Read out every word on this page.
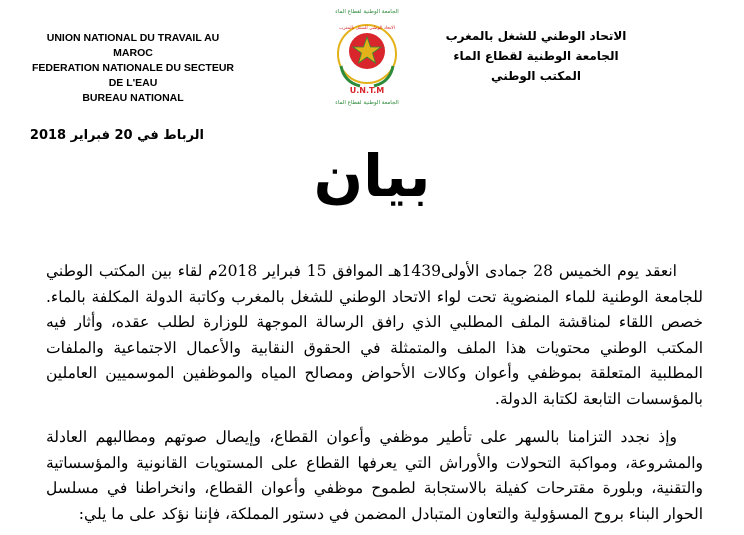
UNION NATIONAL DU TRAVAIL AU MAROC
FEDERATION NATIONALE DU SECTEUR DE L'EAU
BUREAU NATIONAL
الجامعة الوطنية لقطاع الماء
الاتحاد الوطني للشغل بالمغرب
U.N.T.M
الجامعة الوطنية لقطاع الماء
الاتحاد الوطني للشغل بالمغرب
الجامعة الوطنية لقطاع الماء
المكتب الوطني
الرباط في 20 فبراير 2018
بيان

انعقد يوم الخميس 28 جمادى الأولى1439هـ الموافق 15 فبراير 2018م لقاء بين المكتب الوطني للجامعة الوطنية للماء المنضوية تحت لواء الاتحاد الوطني للشغل بالمغرب وكاتبة الدولة المكلفة بالماء. خصص اللقاء لمناقشة الملف المطلبي الذي رافق الرسالة الموجهة للوزارة لطلب عقده، وأثار فيه المكتب الوطني محتويات هذا الملف والمتمثلة في الحقوق النقابية والأعمال الاجتماعية والملفات المطلبية المتعلقة بموظفي وأعوان وكالات الأحواض ومصالح المياه والموظفين الموسميين العاملين بالمؤسسات التابعة لكتابة الدولة.

وإذ نجدد التزامنا بالسهر على تأطير موظفي وأعوان القطاع، وإيصال صوتهم ومطالبهم العادلة والمشروعة، ومواكبة التحولات والأوراش التي يعرفها القطاع على المستويات القانونية والمؤسساتية والتقنية، وبلورة مقترحات كفيلة بالاستجابة لطموح موظفي وأعوان القطاع، وانخراطنا في مسلسل الحوار البناء بروح المسؤولية والتعاون المتبادل المضمن في دستور المملكة، فإننا نؤكد على ما يلي:
